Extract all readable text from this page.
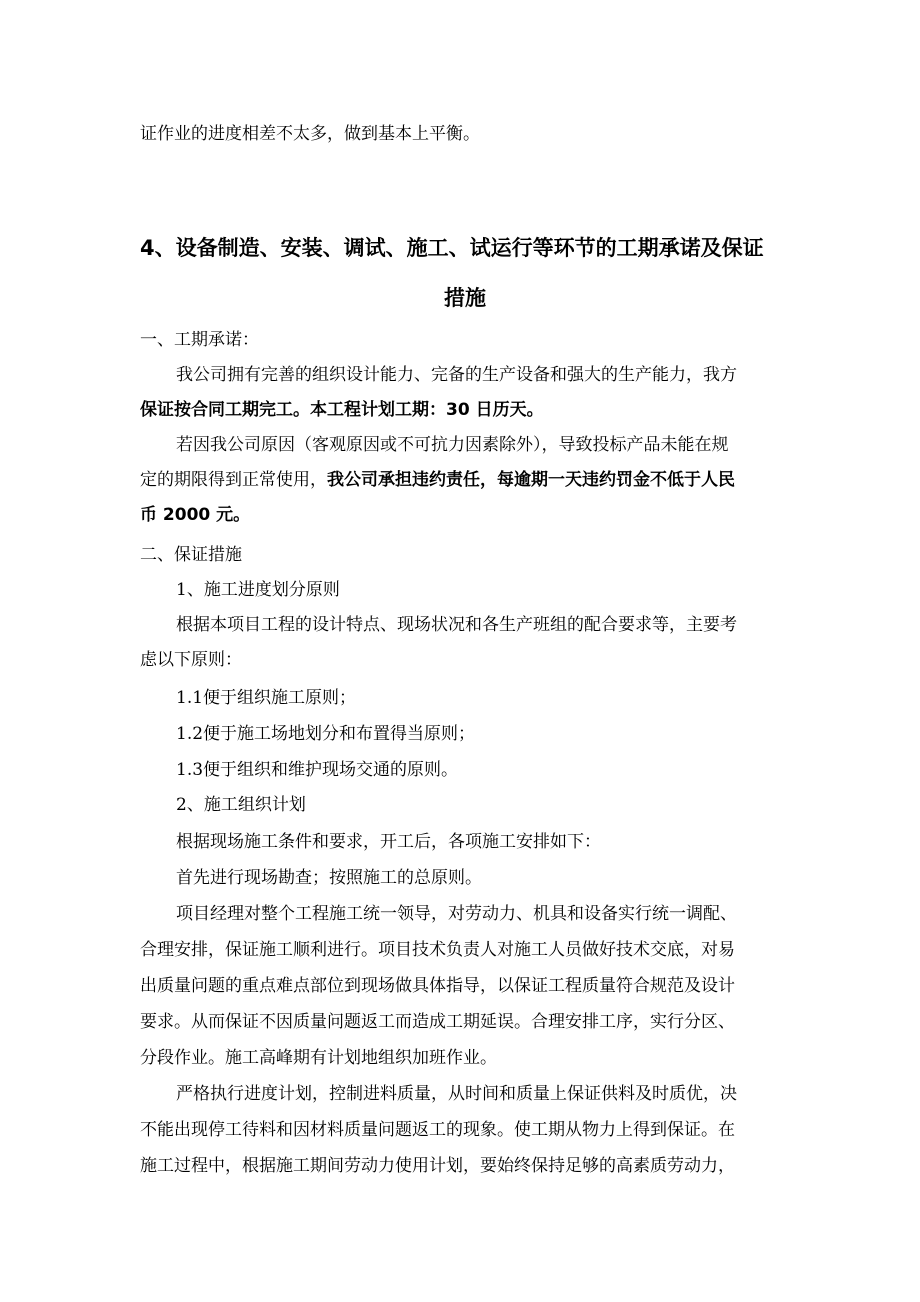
证作业的进度相差不太多，做到基本上平衡。
4、设备制造、安装、调试、施工、试运行等环节的工期承诺及保证
措施
一、工期承诺：
我公司拥有完善的组织设计能力、完备的生产设备和强大的生产能力，我方
保证按合同工期完工。本工程计划工期：30 日历天。
若因我公司原因（客观原因或不可抗力因素除外），导致投标产品未能在规
定的期限得到正常使用，我公司承担违约责任，每逾期一天违约罚金不低于人民
币 2000 元。
二、保证措施
1、施工进度划分原则
根据本项目工程的设计特点、现场状况和各生产班组的配合要求等，主要考
虑以下原则：
1.1便于组织施工原则；
1.2便于施工场地划分和布置得当原则；
1.3便于组织和维护现场交通的原则。
2、施工组织计划
根据现场施工条件和要求，开工后，各项施工安排如下：
首先进行现场勘查；按照施工的总原则。
项目经理对整个工程施工统一领导，对劳动力、机具和设备实行统一调配、
合理安排，保证施工顺利进行。项目技术负责人对施工人员做好技术交底，对易
出质量问题的重点难点部位到现场做具体指导，以保证工程质量符合规范及设计
要求。从而保证不因质量问题返工而造成工期延误。合理安排工序，实行分区、
分段作业。施工高峰期有计划地组织加班作业。
严格执行进度计划，控制进料质量，从时间和质量上保证供料及时质优，决
不能出现停工待料和因材料质量问题返工的现象。使工期从物力上得到保证。在
施工过程中，根据施工期间劳动力使用计划，要始终保持足够的高素质劳动力，
